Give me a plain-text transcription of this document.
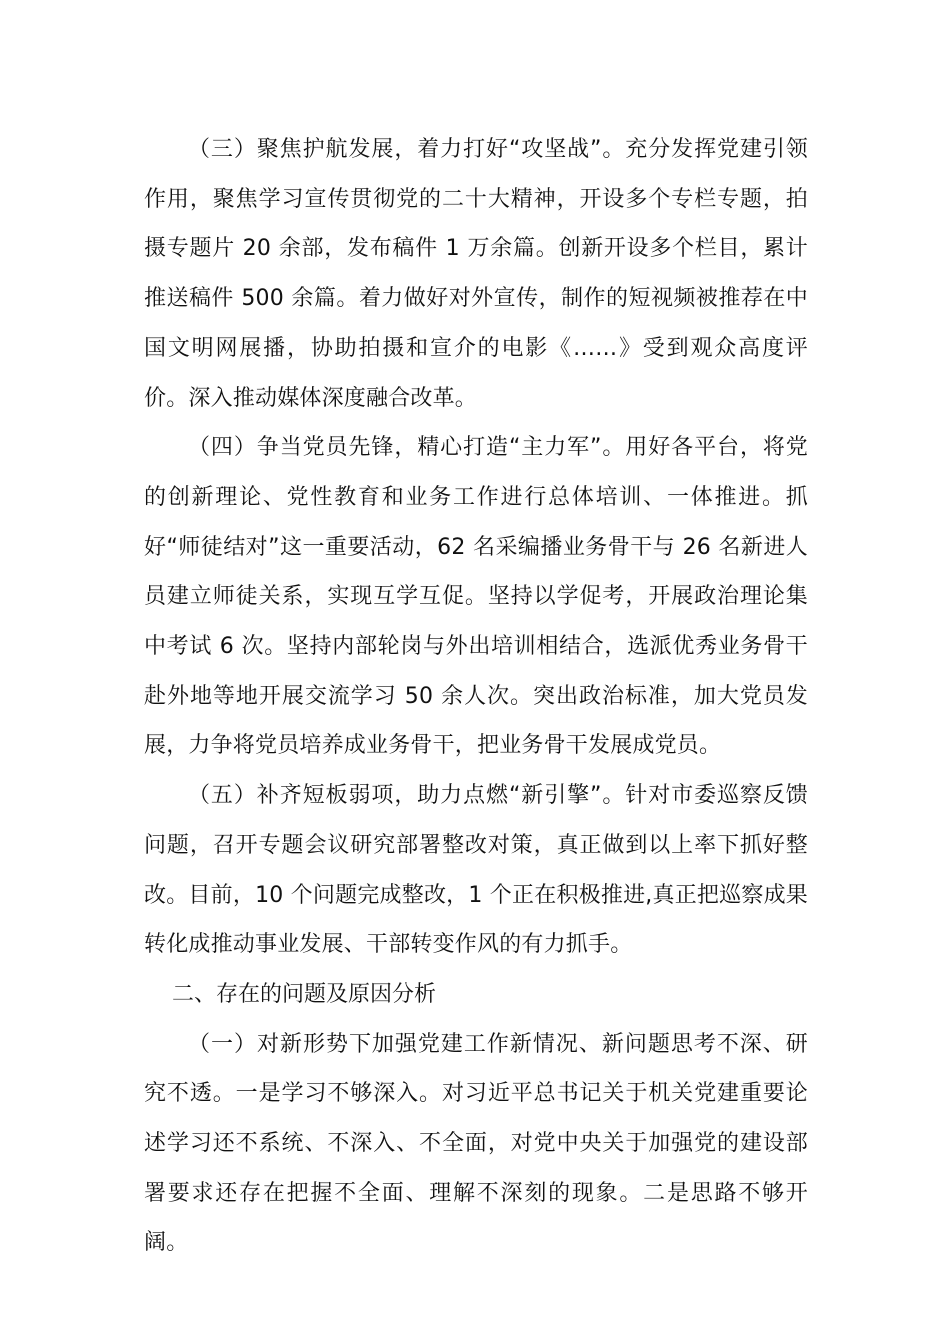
（三）聚焦护航发展，着力打好“攻坚战”。充分发挥党建引领作用，聚焦学习宣传贯彻党的二十大精神，开设多个专栏专题，拍摄专题片 20 余部，发布稿件 1 万余篇。创新开设多个栏目，累计推送稿件 500 余篇。着力做好对外宣传，制作的短视频被推荐在中国文明网展播，协助拍摄和宣介的电影《……》受到观众高度评价。深入推动媒体深度融合改革。

（四）争当党员先锋，精心打造“主力军”。用好各平台，将党的创新理论、党性教育和业务工作进行总体培训、一体推进。抓好“师徒结对”这一重要活动，62 名采编播业务骨干与 26 名新进人员建立师徒关系，实现互学互促。坚持以学促考，开展政治理论集中考试 6 次。坚持内部轮岗与外出培训相结合，选派优秀业务骨干赴外地等地开展交流学习 50 余人次。突出政治标准，加大党员发展，力争将党员培养成业务骨干，把业务骨干发展成党员。

（五）补齐短板弱项，助力点燃“新引擎”。针对市委巡察反馈问题，召开专题会议研究部署整改对策，真正做到以上率下抓好整改。目前，10 个问题完成整改，1 个正在积极推进,真正把巡察成果转化成推动事业发展、干部转变作风的有力抓手。

二、存在的问题及原因分析

（一）对新形势下加强党建工作新情况、新问题思考不深、研究不透。一是学习不够深入。对习近平总书记关于机关党建重要论述学习还不系统、不深入、不全面，对党中央关于加强党的建设部署要求还存在把握不全面、理解不深刻的现象。二是思路不够开阔。
